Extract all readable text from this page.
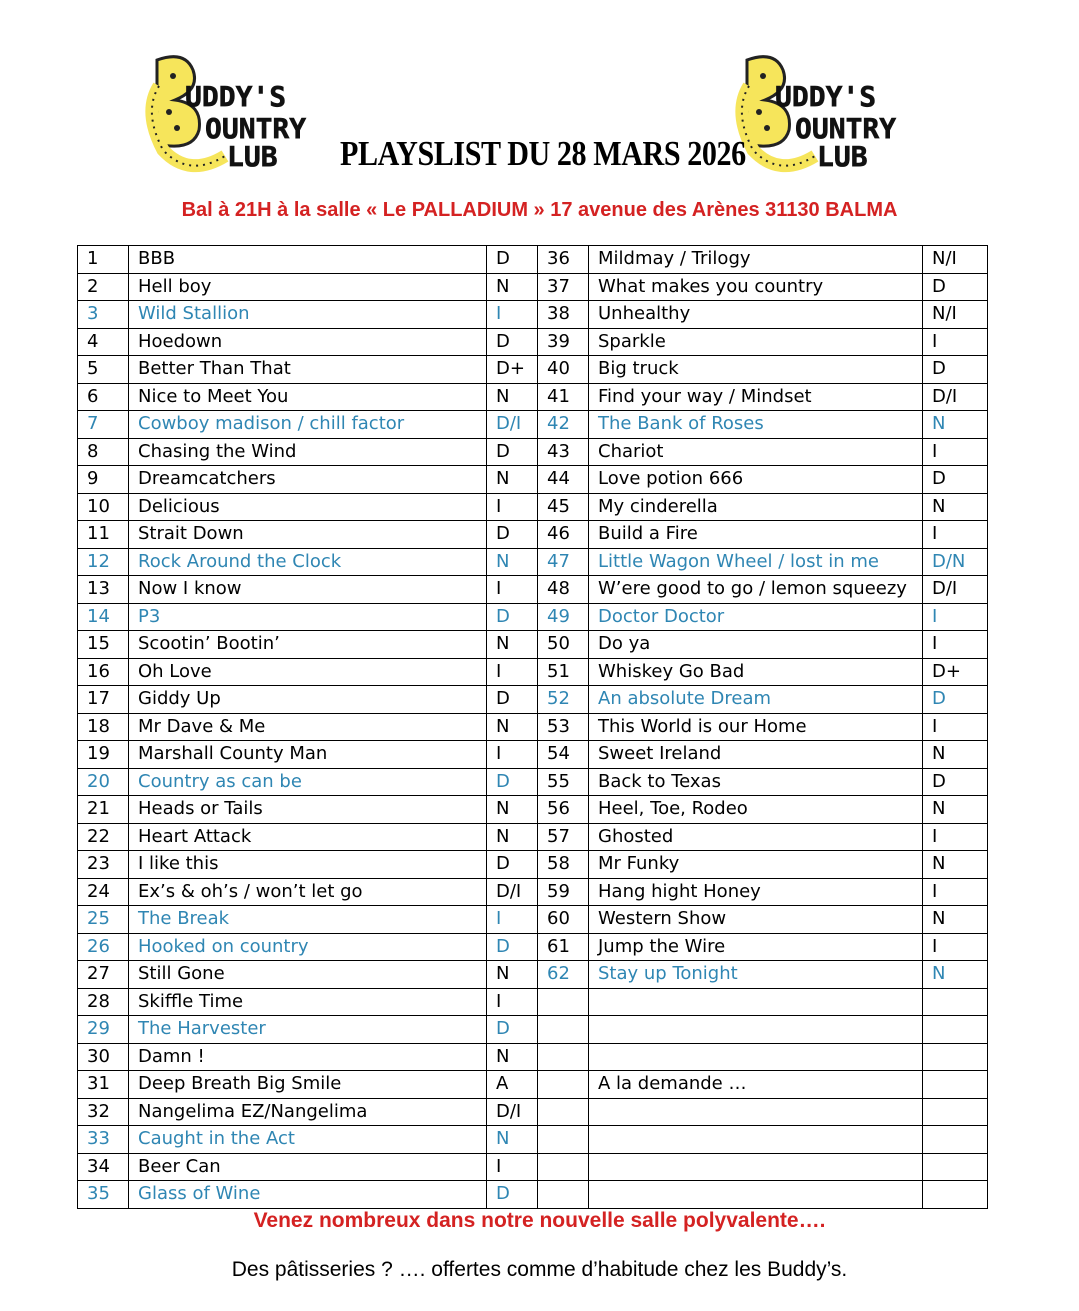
UDDY'S
OUNTRY
LUB
UDDY'S
OUNTRY
LUB
PLAYSLIST DU 28 MARS 2026
Bal à 21H à la salle « Le PALLADIUM » 17 avenue des Arènes 31130 BALMA
1	BBB	D	36	Mildmay / Trilogy	N/I
2	Hell boy	N	37	What makes you country	D
3	Wild Stallion	I	38	Unhealthy	N/I
4	Hoedown	D	39	Sparkle	I
5	Better Than That	D+	40	Big truck	D
6	Nice to Meet You	N	41	Find your way / Mindset	D/I
7	Cowboy madison / chill factor	D/I	42	The Bank of Roses	N
8	Chasing the Wind	D	43	Chariot	I
9	Dreamcatchers	N	44	Love potion 666	D
10	Delicious	I	45	My cinderella	N
11	Strait Down	D	46	Build a Fire	I
12	Rock Around the Clock	N	47	Little Wagon Wheel / lost in me	D/N
13	Now I know	I	48	W’ere good to go / lemon squeezy	D/I
14	P3	D	49	Doctor Doctor	I
15	Scootin’ Bootin’	N	50	Do ya	I
16	Oh Love	I	51	Whiskey Go Bad	D+
17	Giddy Up	D	52	An absolute Dream	D
18	Mr Dave & Me	N	53	This World is our Home	I
19	Marshall County Man	I	54	Sweet Ireland	N
20	Country as can be	D	55	Back to Texas	D
21	Heads or Tails	N	56	Heel, Toe, Rodeo	N
22	Heart Attack	N	57	Ghosted	I
23	I like this	D	58	Mr Funky	N
24	Ex’s & oh’s / won’t let go	D/I	59	Hang hight Honey	I
25	The Break	I	60	Western Show	N
26	Hooked on country	D	61	Jump the Wire	I
27	Still Gone	N	62	Stay up Tonight	N
28	Skiffle Time	I			
29	The Harvester	D			
30	Damn !	N			
31	Deep Breath Big Smile	A		A la demande …	
32	Nangelima EZ/Nangelima	D/I			
33	Caught in the Act	N			
34	Beer Can	I			
35	Glass of Wine	D			
Venez nombreux dans notre nouvelle salle polyvalente….
Des pâtisseries ? …. offertes comme d’habitude chez les Buddy’s.
